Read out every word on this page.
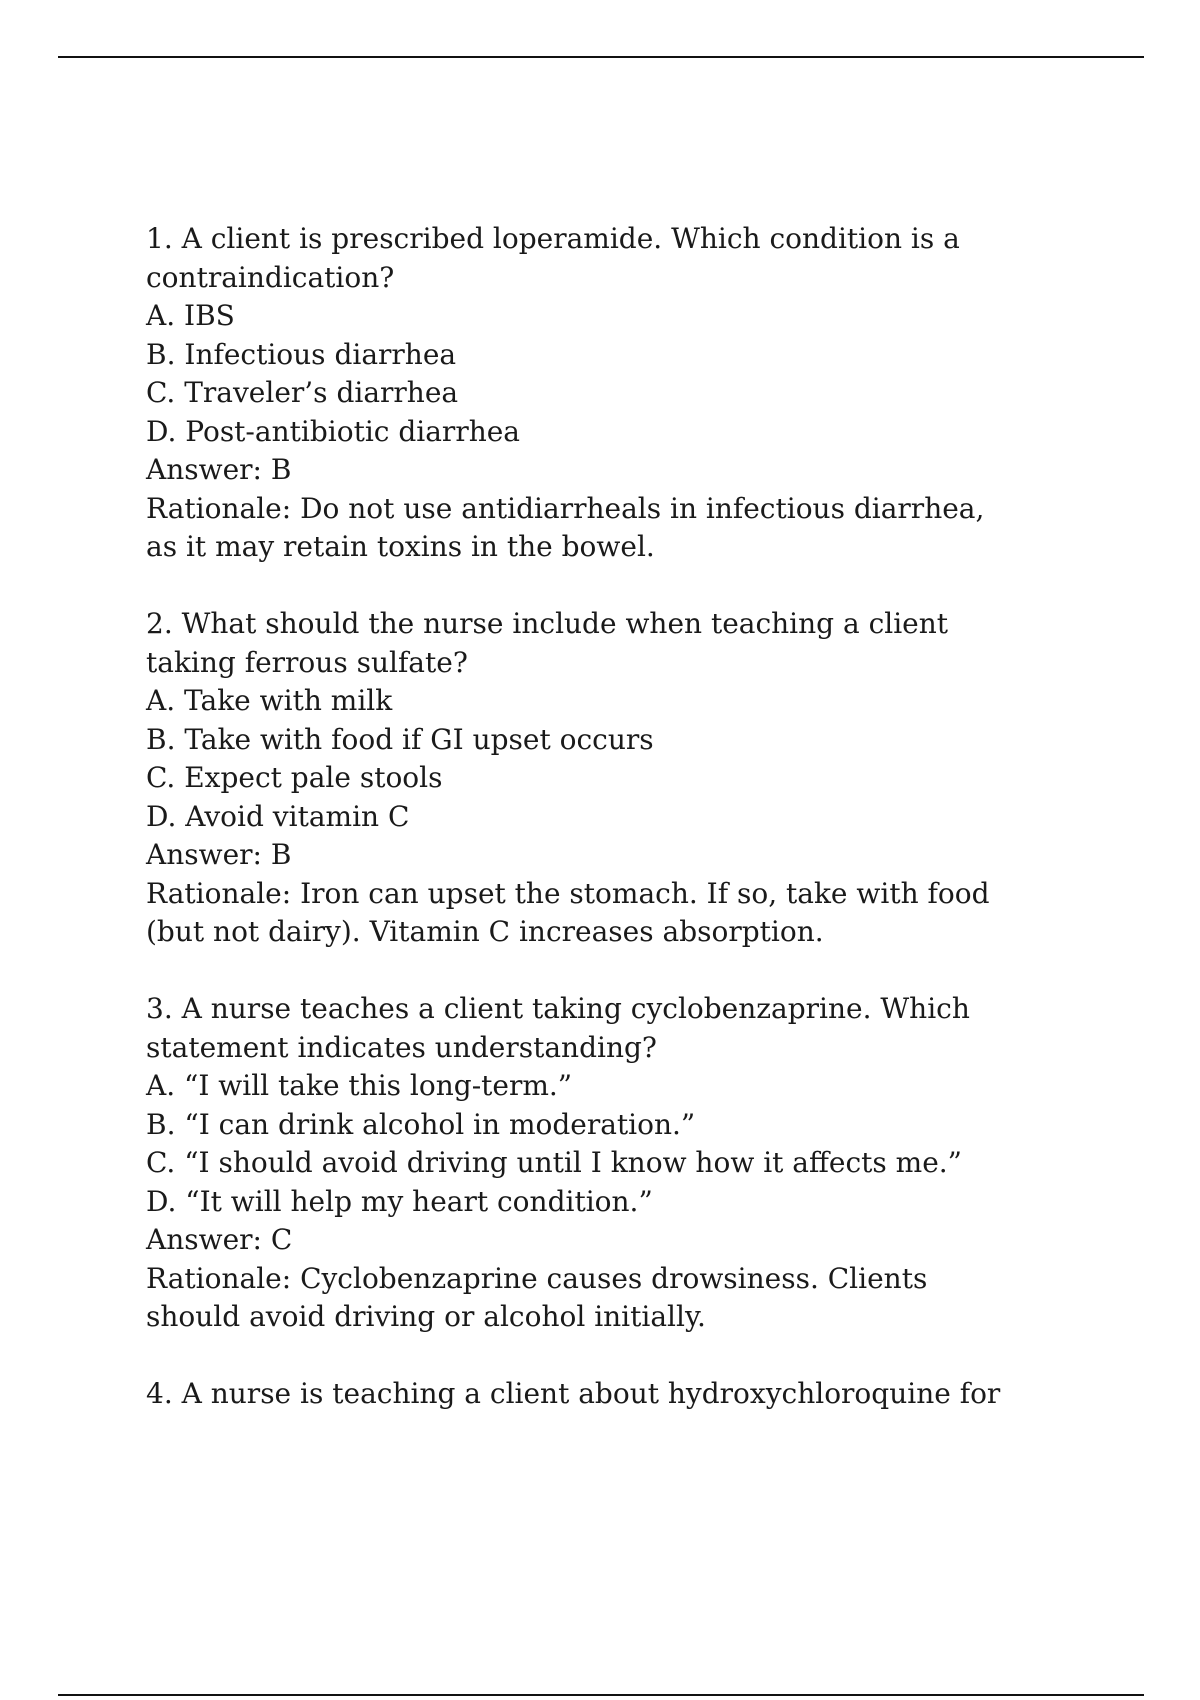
1. A client is prescribed loperamide. Which condition is a contraindication?

A. IBS

B. Infectious diarrhea

C. Traveler’s diarrhea

D. Post-antibiotic diarrhea

Answer: B

Rationale: Do not use antidiarrheals in infectious diarrhea, as it may retain toxins in the bowel.

2. What should the nurse include when teaching a client taking ferrous sulfate?

A. Take with milk

B. Take with food if GI upset occurs

C. Expect pale stools

D. Avoid vitamin C

Answer: B

Rationale: Iron can upset the stomach. If so, take with food (but not dairy). Vitamin C increases absorption.

3. A nurse teaches a client taking cyclobenzaprine. Which statement indicates understanding?

A. “I will take this long-term.”

B. “I can drink alcohol in moderation.”

C. “I should avoid driving until I know how it affects me.”

D. “It will help my heart condition.”

Answer: C

Rationale: Cyclobenzaprine causes drowsiness. Clients should avoid driving or alcohol initially.

4. A nurse is teaching a client about hydroxychloroquine for
